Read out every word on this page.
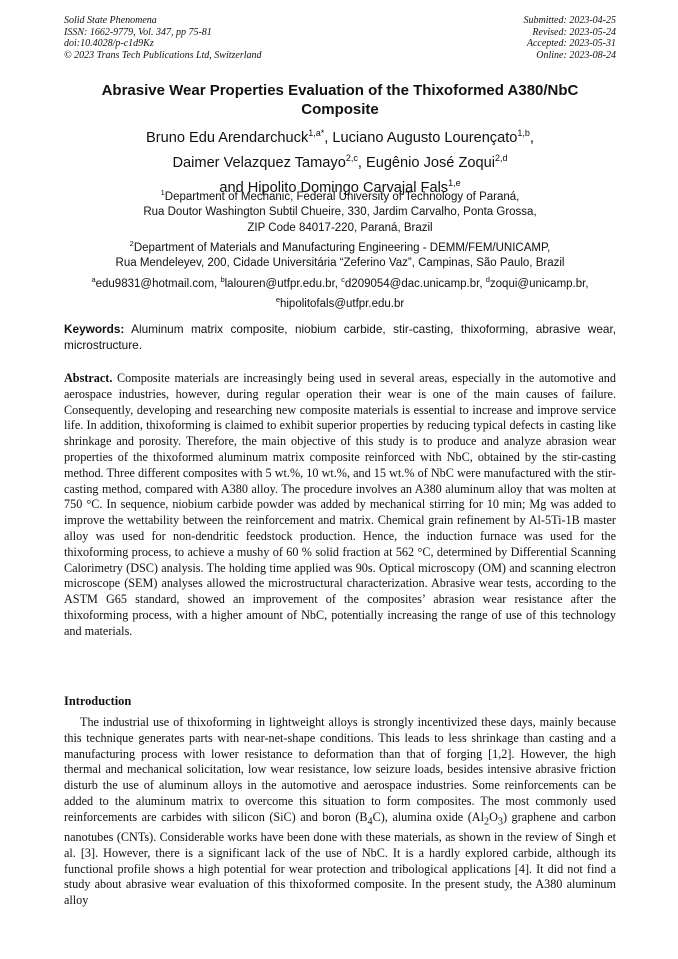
Solid State Phenomena
ISSN: 1662-9779, Vol. 347, pp 75-81
doi:10.4028/p-c1d9Kz
© 2023 Trans Tech Publications Ltd, Switzerland
Submitted: 2023-04-25
Revised: 2023-05-24
Accepted: 2023-05-31
Online: 2023-08-24
Abrasive Wear Properties Evaluation of the Thixoformed A380/NbC
Composite
Bruno Edu Arendarchuck$^{1,a*}$, Luciano Augusto Lourençato$^{1,b}$,
Daimer Velazquez Tamayo$^{2,c}$, Eugênio José Zoqui$^{2,d}$
and Hipolito Domingo Carvajal Fals$^{1,e}$
$^1$Department of Mechanic, Federal University of Technology of Paraná,
Rua Doutor Washington Subtil Chueire, 330, Jardim Carvalho, Ponta Grossa,
ZIP Code 84017-220, Paraná, Brazil
$^2$Department of Materials and Manufacturing Engineering - DEMM/FEM/UNICAMP,
Rua Mendeleyev, 200, Cidade Universitária “Zeferino Vaz”, Campinas, São Paulo, Brazil
$^a$edu9831@hotmail.com, $^b$lalouren@utfpr.edu.br, $^c$d209054@dac.unicamp.br, $^d$zoqui@unicamp.br,
$^e$hipolitofals@utfpr.edu.br
Keywords: Aluminum matrix composite, niobium carbide, stir-casting, thixoforming, abrasive wear, microstructure.
Abstract. Composite materials are increasingly being used in several areas, especially in the automotive and aerospace industries, however, during regular operation their wear is one of the main causes of failure. Consequently, developing and researching new composite materials is essential to increase and improve service life. In addition, thixoforming is claimed to exhibit superior properties by reducing typical defects in casting like shrinkage and porosity. Therefore, the main objective of this study is to produce and analyze abrasion wear properties of the thixoformed aluminum matrix composite reinforced with NbC, obtained by the stir-casting method. Three different composites with 5 wt.%, 10 wt.%, and 15 wt.% of NbC were manufactured with the stir-casting method, compared with A380 alloy. The procedure involves an A380 aluminum alloy that was molten at 750 °C. In sequence, niobium carbide powder was added by mechanical stirring for 10 min; Mg was added to improve the wettability between the reinforcement and matrix. Chemical grain refinement by Al-5Ti-1B master alloy was used for non-dendritic feedstock production. Hence, the induction furnace was used for the thixoforming process, to achieve a mushy of 60 % solid fraction at 562 °C, determined by Differential Scanning Calorimetry (DSC) analysis. The holding time applied was 90s. Optical microscopy (OM) and scanning electron microscope (SEM) analyses allowed the microstructural characterization. Abrasive wear tests, according to the ASTM G65 standard, showed an improvement of the composites’ abrasion wear resistance after the thixoforming process, with a higher amount of NbC, potentially increasing the range of use of this technology and materials.
Introduction
The industrial use of thixoforming in lightweight alloys is strongly incentivized these days, mainly because this technique generates parts with near-net-shape conditions. This leads to less shrinkage than casting and a manufacturing process with lower resistance to deformation than that of forging [1,2]. However, the high thermal and mechanical solicitation, low wear resistance, low seizure loads, besides intensive abrasive friction disturb the use of aluminum alloys in the automotive and aerospace industries. Some reinforcements can be added to the aluminum matrix to overcome this situation to form composites. The most commonly used reinforcements are carbides with silicon (SiC) and boron $(B_4C)$, alumina oxide $(Al_2O_3)$ graphene and carbon nanotubes (CNTs). Considerable works have been done with these materials, as shown in the review of Singh et al. [3]. However, there is a significant lack of the use of NbC. It is a hardly explored carbide, although its functional profile shows a high potential for wear protection and tribological applications [4]. It did not find a study about abrasive wear evaluation of this thixoformed composite. In the present study, the A380 aluminum alloy
